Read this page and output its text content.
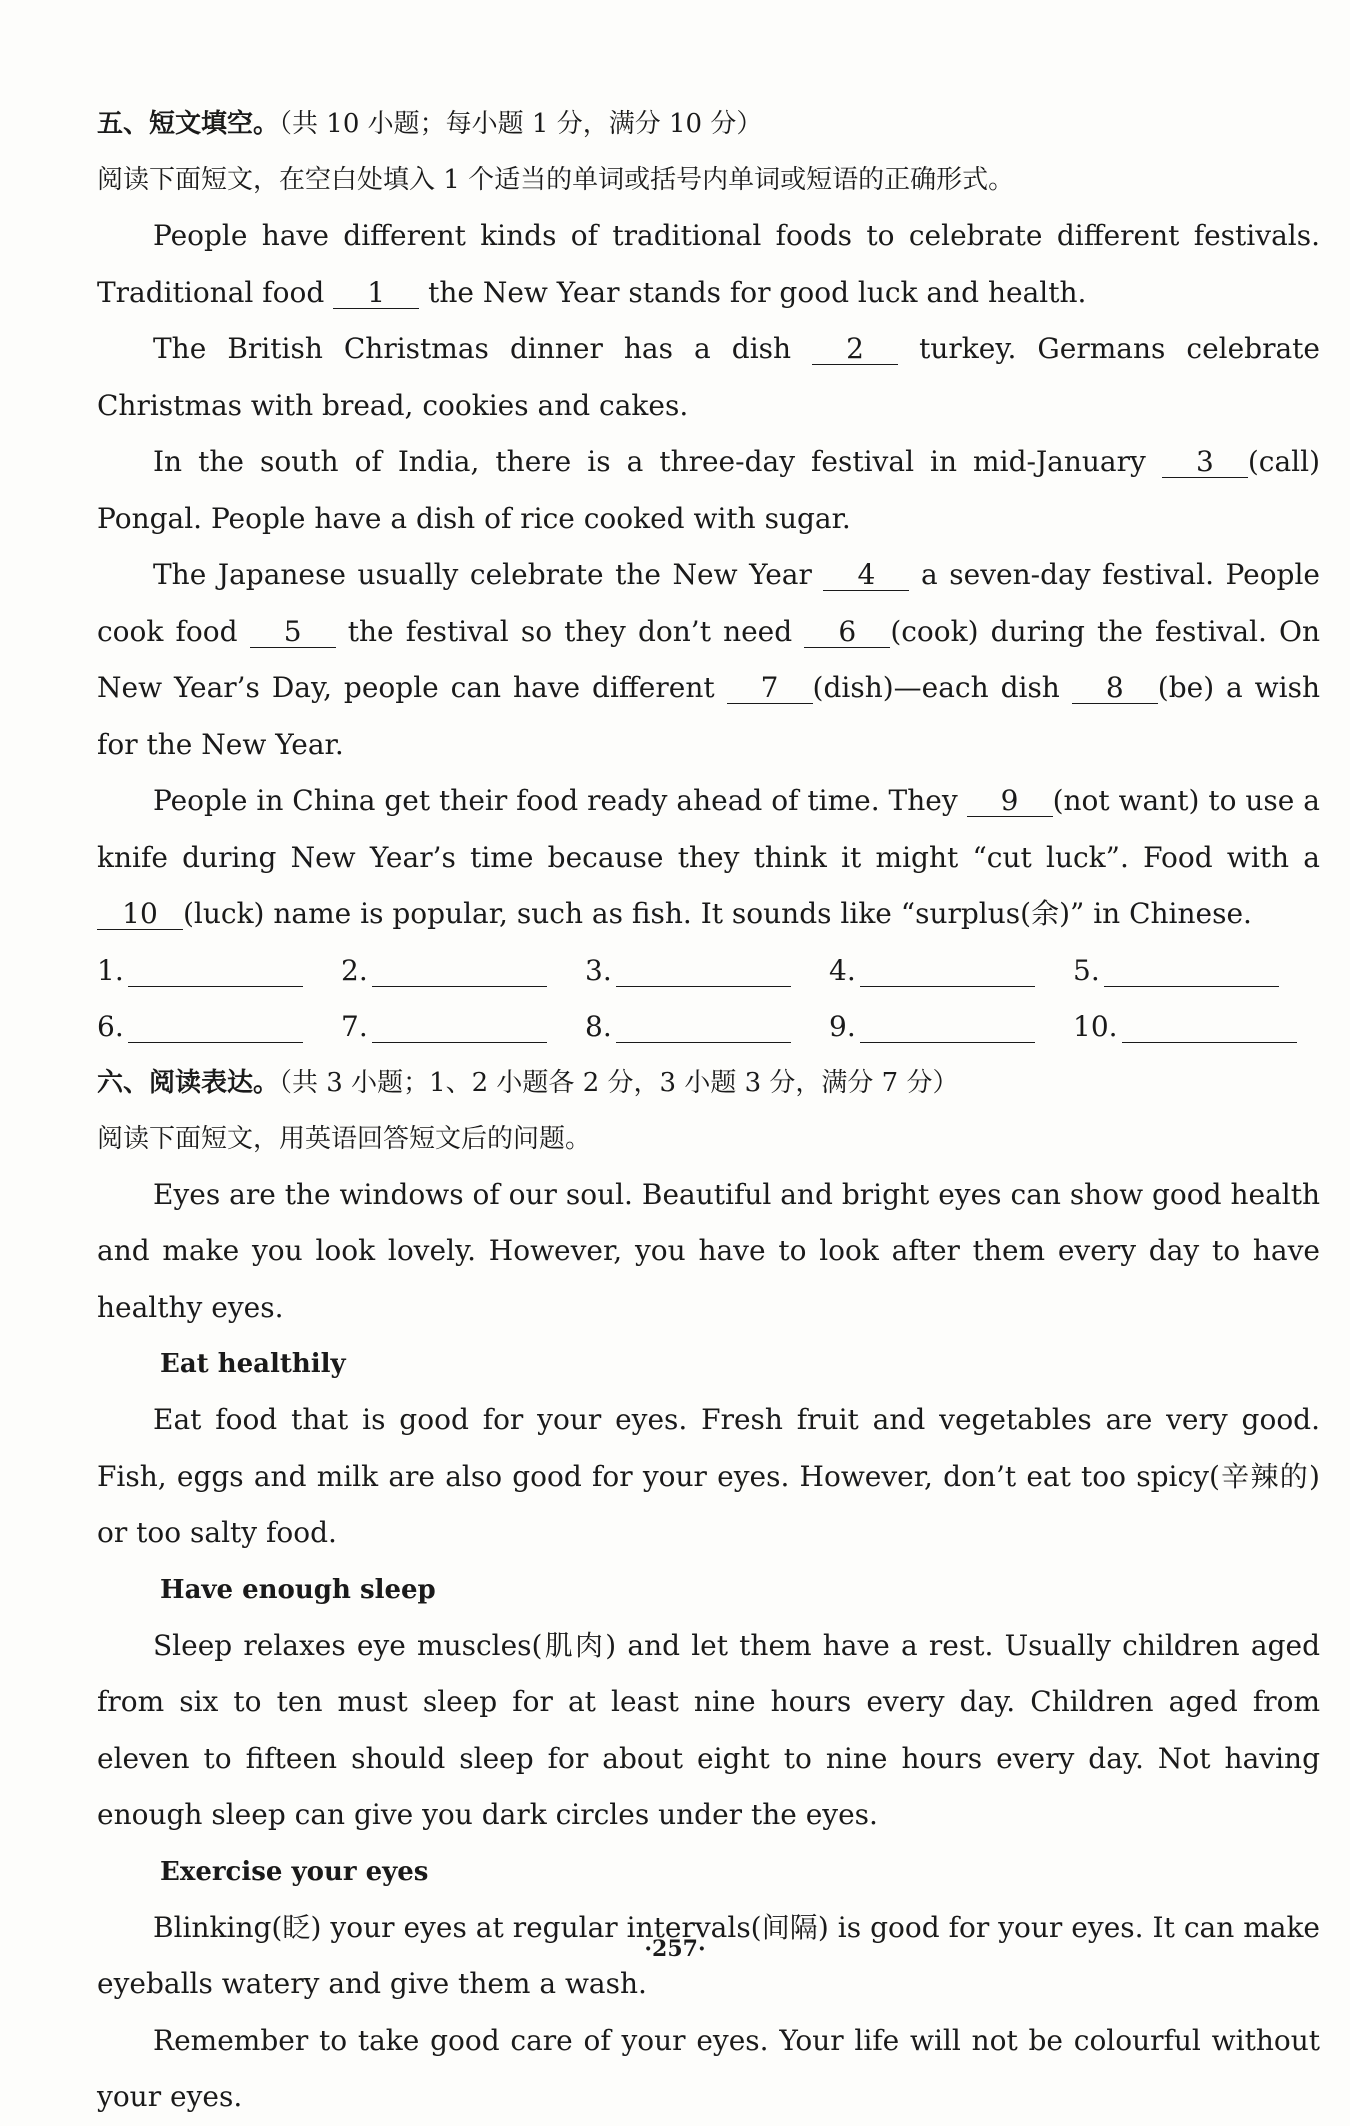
五、短文填空。（共 10 小题；每小题 1 分，满分 10 分）

阅读下面短文，在空白处填入 1 个适当的单词或括号内单词或短语的正确形式。

People have different kinds of traditional foods to celebrate different festivals. Traditional food 1 the New Year stands for good luck and health.

The British Christmas dinner has a dish 2 turkey. Germans celebrate Christmas with bread, cookies and cakes.

In the south of India, there is a three-day festival in mid-January 3 (call) Pongal. People have a dish of rice cooked with sugar.

The Japanese usually celebrate the New Year 4 a seven-day festival. People cook food 5 the festival so they don’t need 6 (cook) during the festival. On New Year’s Day, people can have different 7 (dish)—each dish 8 (be) a wish for the New Year.

People in China get their food ready ahead of time. They 9 (not want) to use a knife during New Year’s time because they think it might “cut luck”. Food with a 10 (luck) name is popular, such as fish. It sounds like “surplus(余)” in Chinese.

1.	2.	3.	4.	5.
6.	7.	8.	9.	10.
六、阅读表达。（共 3 小题；1、2 小题各 2 分，3 小题 3 分，满分 7 分）

阅读下面短文，用英语回答短文后的问题。

Eyes are the windows of our soul. Beautiful and bright eyes can show good health and make you look lovely. However, you have to look after them every day to have healthy eyes.

Eat healthily

Eat food that is good for your eyes. Fresh fruit and vegetables are very good. Fish, eggs and milk are also good for your eyes. However, don’t eat too spicy(辛辣的) or too salty food.

Have enough sleep

Sleep relaxes eye muscles(肌肉) and let them have a rest. Usually children aged from six to ten must sleep for at least nine hours every day. Children aged from eleven to fifteen should sleep for about eight to nine hours every day. Not having enough sleep can give you dark circles under the eyes.

Exercise your eyes

Blinking(眨) your eyes at regular intervals(间隔) is good for your eyes. It can make eyeballs watery and give them a wash.

Remember to take good care of your eyes. Your life will not be colourful without your eyes.

·257·
